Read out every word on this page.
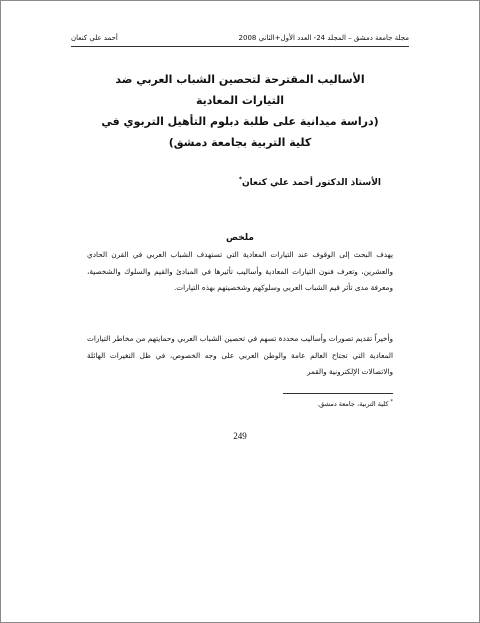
مجلة جامعة دمشق – المجلد 24- العدد الأول+الثاني 2008
أحمد علي كنعان
الأساليب المقترحة لتحصين الشباب العربي ضد
التيارات المعادية
(دراسة ميدانية على طلبة دبلوم التأهيل التربوي في
كلية التربية بجامعة دمشق)
الأستاذ الدكتور أحمد علي كنعان*
ملخص

يهدف البحث إلى الوقوف عند التيارات المعادية التي تستهدف الشباب العربي في القرن الحادي والعشرين، وتعرف فنون التيارات المعادية وأساليب تأثيرها في المبادئ والقيم والسلوك والشخصية، ومعرفة مدى تأثر قيم الشباب العربي وسلوكهم وشخصيتهم بهذه التيارات.

وأخيراً تقديم تصورات وأساليب محددة تسهم في تحصين الشباب العربي وحمايتهم من مخاطر التيارات المعادية التي تجتاح العالم عامة والوطن العربي على وجه الخصوص، في ظل التغيرات الهائلة والاتصالات الإلكترونية والقمر

* كلية التربية، جامعة دمشق.
249
